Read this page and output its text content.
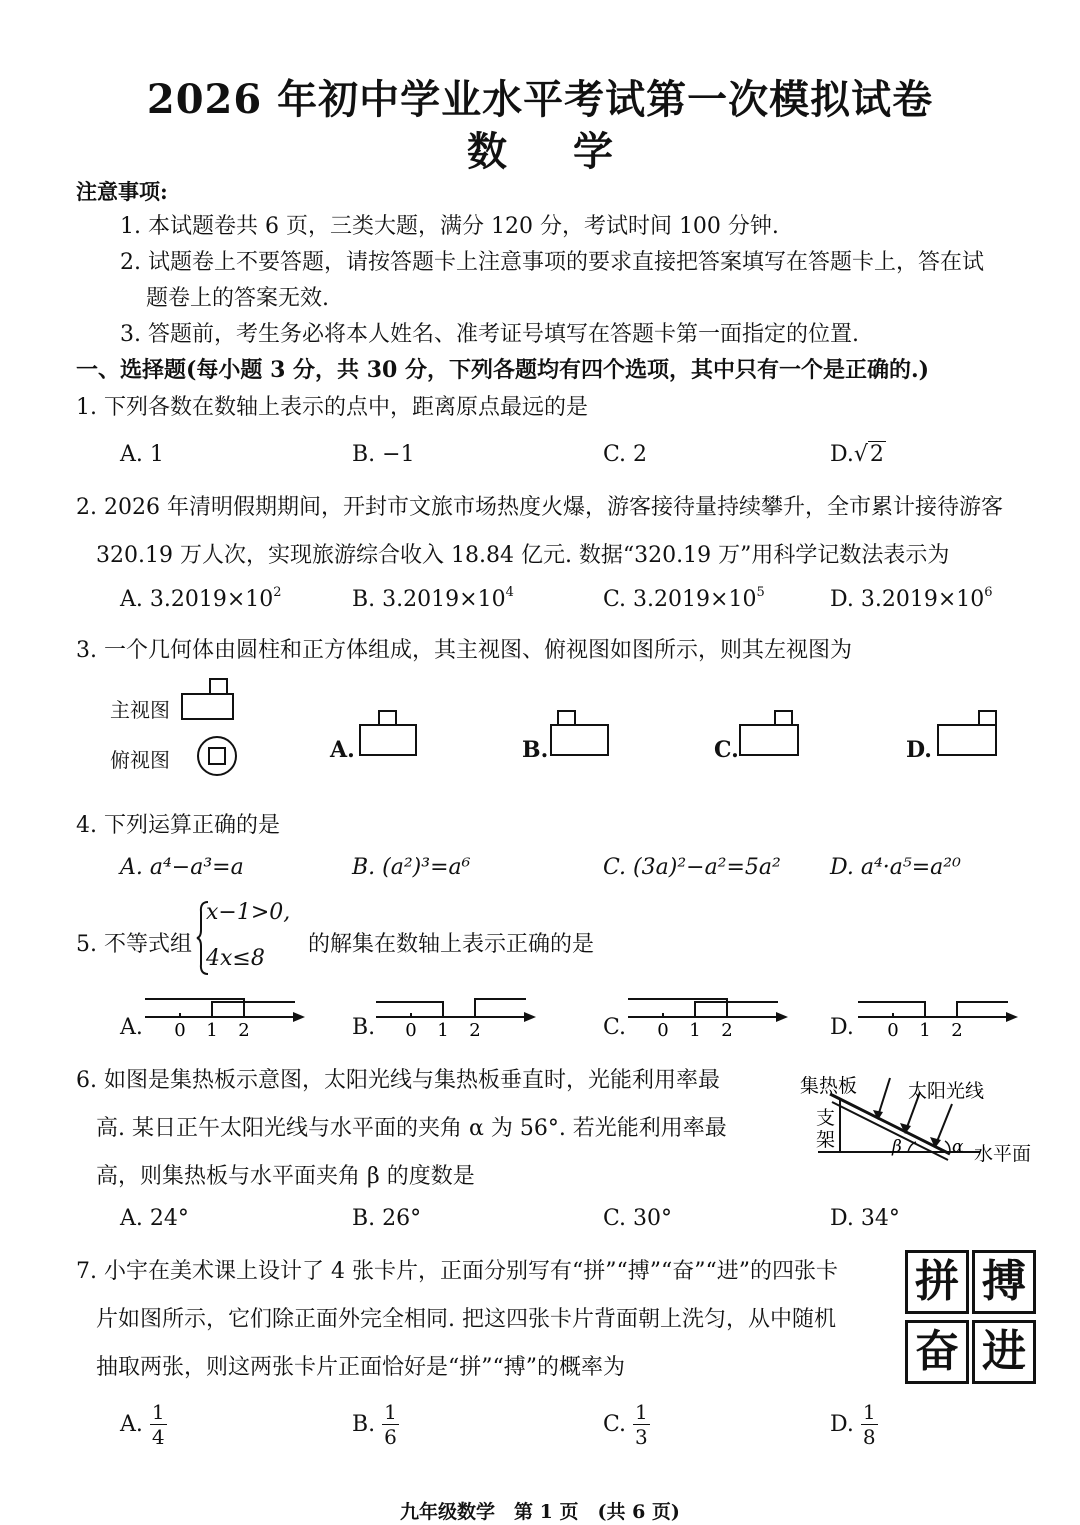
2026 年初中学业水平考试第一次模拟试卷
数 学
注意事项:
1. 本试题卷共 6 页，三类大题，满分 120 分，考试时间 100 分钟.
2. 试题卷上不要答题，请按答题卡上注意事项的要求直接把答案填写在答题卡上，答在试
题卷上的答案无效.
3. 答题前，考生务必将本人姓名、准考证号填写在答题卡第一面指定的位置.
一、选择题(每小题 3 分，共 30 分，下列各题均有四个选项，其中只有一个是正确的.)
1. 下列各数在数轴上表示的点中，距离原点最远的是
A. 1	B. −1	C. 2	D.√2
2. 2026 年清明假期期间，开封市文旅市场热度火爆，游客接待量持续攀升，全市累计接待游客
320.19 万人次，实现旅游综合收入 18.84 亿元. 数据“320.19 万”用科学记数法表示为
A. $3.2019\times 10^2$	B. $3.2019\times 10^4$	C. $3.2019\times 10^5$	D. $3.2019\times 10^6$
3. 一个几何体由圆柱和正方体组成，其主视图、俯视图如图所示，则其左视图为
主视图
俯视图	A.	B.	C.	D.
4. 下列运算正确的是
A. a⁴−a³=a	B. (a²)³=a⁶	C. (3a)²−a²=5a² D. a⁴·a⁵=a²⁰
5. 不等式组
x−1>0,
4x≤8
的解集在数轴上表示正确的是
A.	B.	C.	D.
0 1 2	0 1 2	0 1 2	0 1 2
6. 如图是集热板示意图，太阳光线与集热板垂直时，光能利用率最
高. 某日正午太阳光线与水平面的夹角 α 为 56°. 若光能利用率最
高，则集热板与水平面夹角 β 的度数是
A. 24°	B. 26°	C. 30°	D. 34°
集热板	太阳光线
支
架
水平面
β	α
7. 小宇在美术课上设计了 4 张卡片，正面分别写有“拼”“搏”“奋”“进”的四张卡
片如图所示，它们除正面外完全相同. 把这四张卡片背面朝上洗匀，从中随机
抽取两张，则这两张卡片正面恰好是“拼”“搏”的概率为
拼 搏
奋 进
A. $\frac{1}{4}$	B. $\frac{1}{6}$	C. $\frac{1}{3}$	D. $\frac{1}{8}$
九年级数学　第 1 页　(共 6 页)
